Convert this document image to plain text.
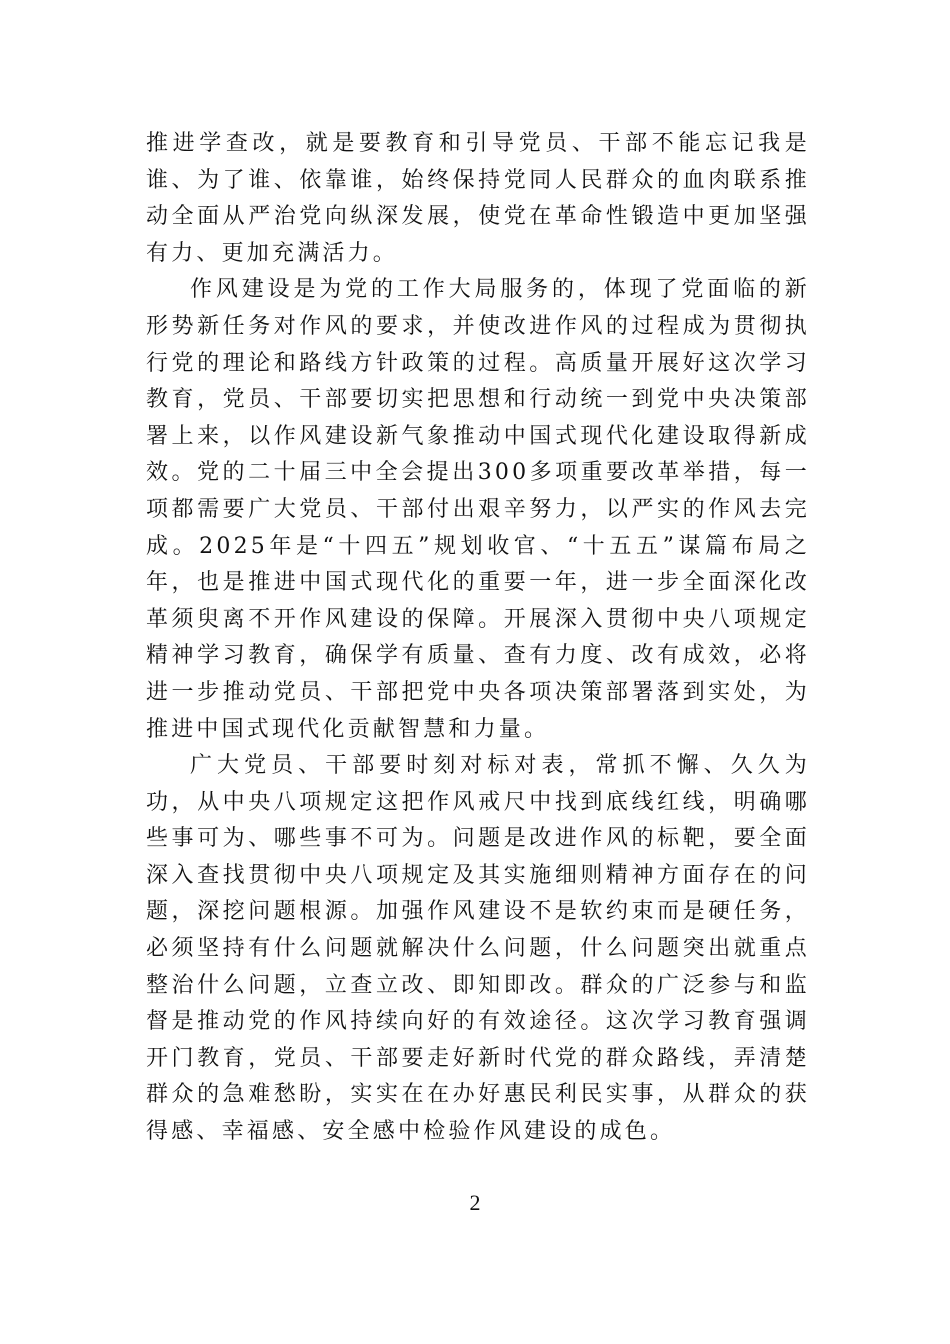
推进学查改，就是要教育和引导党员、干部不能忘记我是谁、为了谁、依靠谁，始终保持党同人民群众的血肉联系推动全面从严治党向纵深发展，使党在革命性锻造中更加坚强有力、更加充满活力。

作风建设是为党的工作大局服务的，体现了党面临的新形势新任务对作风的要求，并使改进作风的过程成为贯彻执行党的理论和路线方针政策的过程。高质量开展好这次学习教育，党员、干部要切实把思想和行动统一到党中央决策部署上来，以作风建设新气象推动中国式现代化建设取得新成效。党的二十届三中全会提出300多项重要改革举措，每一项都需要广大党员、干部付出艰辛努力，以严实的作风去完成。2025年是“十四五”规划收官、“十五五”谋篇布局之年，也是推进中国式现代化的重要一年，进一步全面深化改革须臾离不开作风建设的保障。开展深入贯彻中央八项规定精神学习教育，确保学有质量、查有力度、改有成效，必将进一步推动党员、干部把党中央各项决策部署落到实处，为推进中国式现代化贡献智慧和力量。

广大党员、干部要时刻对标对表，常抓不懈、久久为功，从中央八项规定这把作风戒尺中找到底线红线，明确哪些事可为、哪些事不可为。问题是改进作风的标靶，要全面深入查找贯彻中央八项规定及其实施细则精神方面存在的问题，深挖问题根源。加强作风建设不是软约束而是硬任务，必须坚持有什么问题就解决什么问题，什么问题突出就重点整治什么问题，立查立改、即知即改。群众的广泛参与和监督是推动党的作风持续向好的有效途径。这次学习教育强调开门教育，党员、干部要走好新时代党的群众路线，弄清楚群众的急难愁盼，实实在在办好惠民利民实事，从群众的获得感、幸福感、安全感中检验作风建设的成色。

2
